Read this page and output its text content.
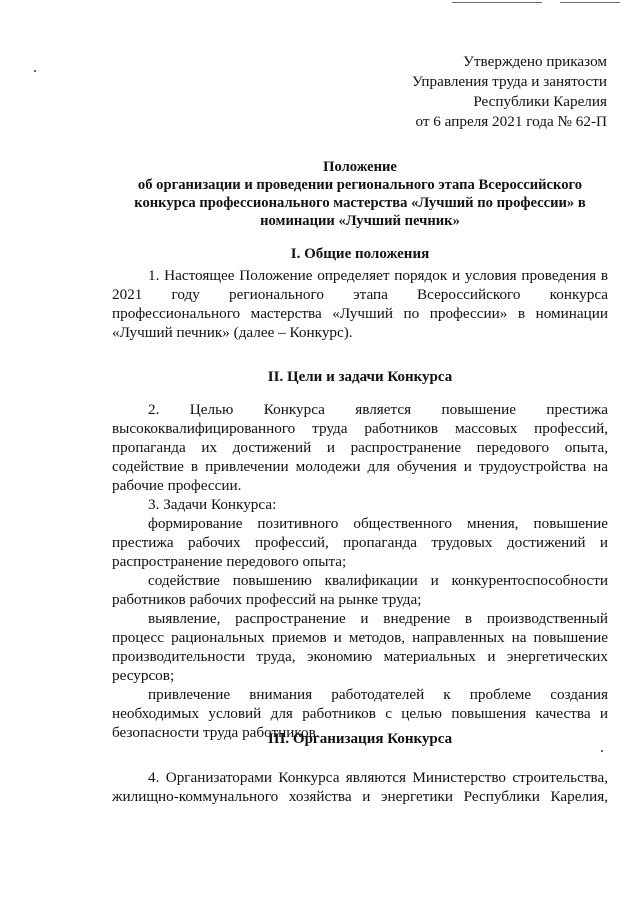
Утверждено приказом
Управления труда и занятости
Республики Карелия
от 6 апреля 2021 года № 62-П
Положение
об организации и проведении регионального этапа Всероссийского
конкурса профессионального мастерства «Лучший по профессии» в
номинации «Лучший печник»
I. Общие положения
1. Настоящее Положение определяет порядок и условия проведения в 2021 году регионального этапа Всероссийского конкурса профессионального мастерства «Лучший по профессии» в номинации «Лучший печник» (далее – Конкурс).
II. Цели и задачи Конкурса
2. Целью Конкурса является повышение престижа высококвалифицированного труда работников массовых профессий, пропаганда их достижений и распространение передового опыта, содействие в привлечении молодежи для обучения и трудоустройства на рабочие профессии.
3. Задачи Конкурса:
формирование позитивного общественного мнения, повышение престижа рабочих профессий, пропаганда трудовых достижений и распространение передового опыта;
содействие повышению квалификации и конкурентоспособности работников рабочих профессий на рынке труда;
выявление, распространение и внедрение в производственный процесс рациональных приемов и методов, направленных на повышение производительности труда, экономию материальных и энергетических ресурсов;
привлечение внимания работодателей к проблеме создания необходимых условий для работников с целью повышения качества и безопасности труда работников.
III. Организация Конкурса
4. Организаторами Конкурса являются Министерство строительства, жилищно-коммунального хозяйства и энергетики Республики Карелия,
